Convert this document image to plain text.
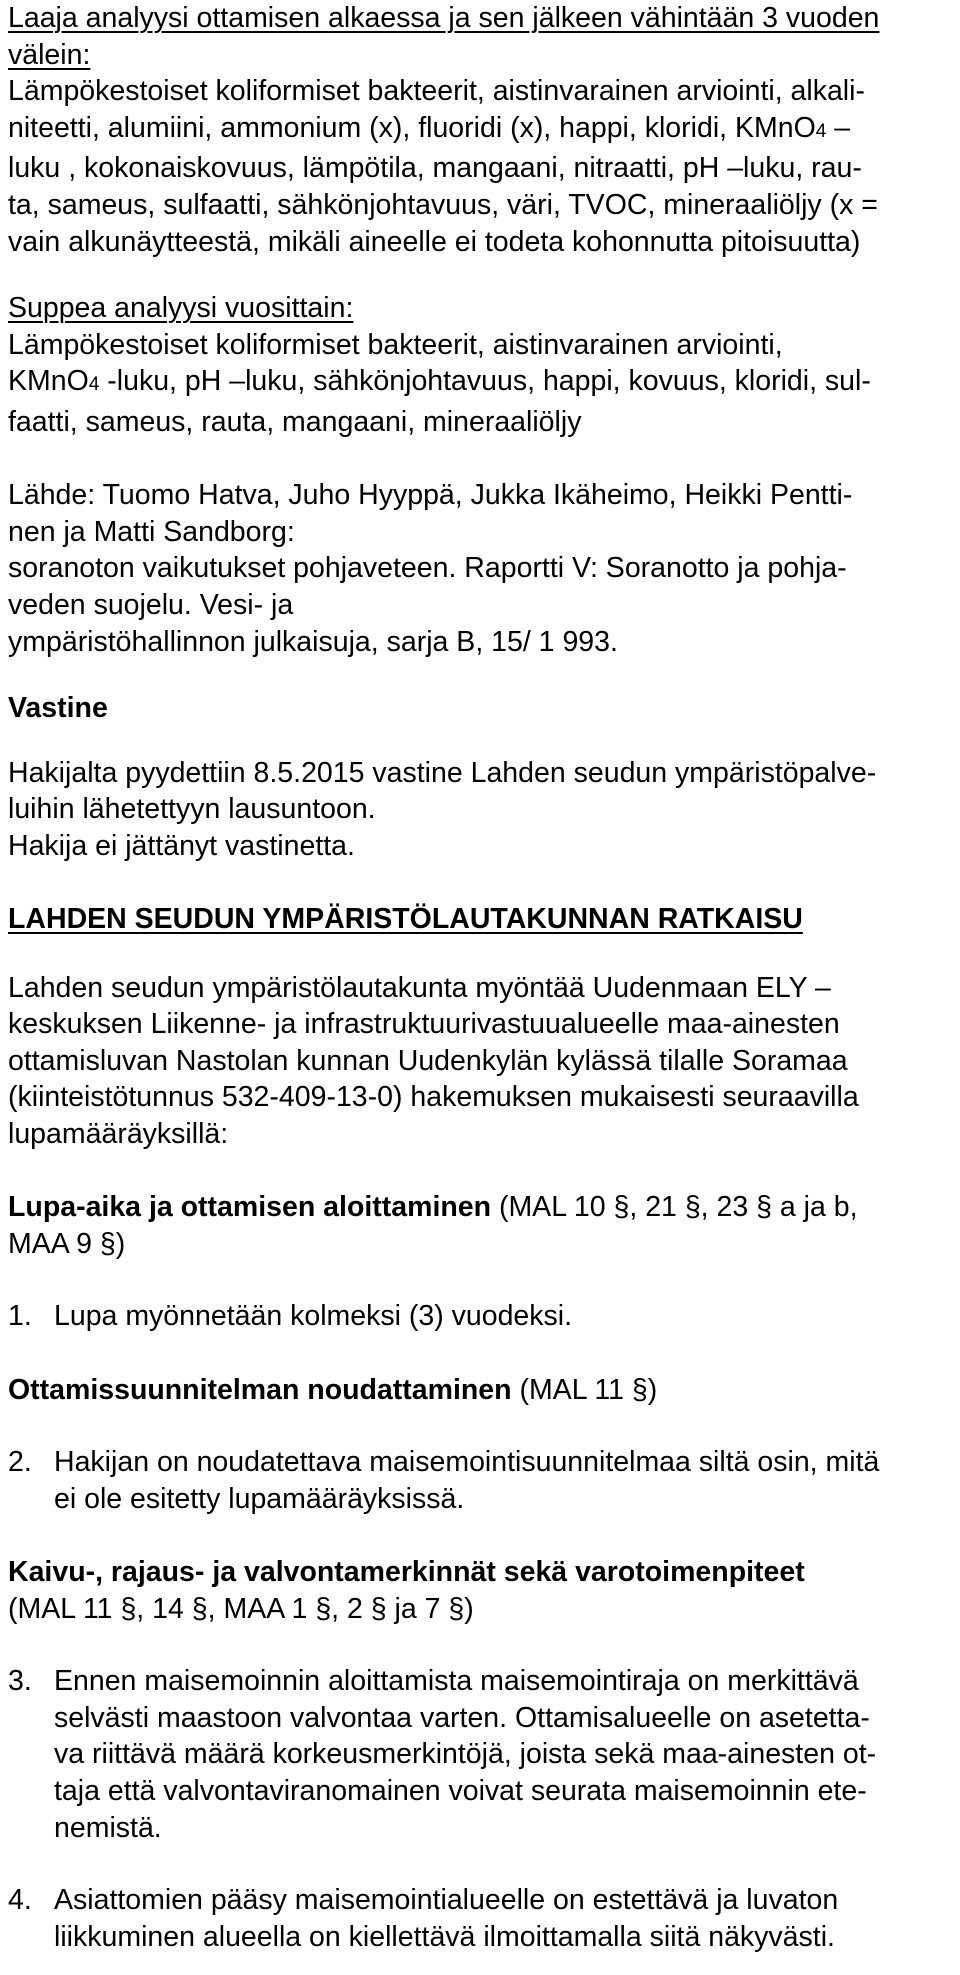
Laaja analyysi ottamisen alkaessa ja sen jälkeen vähintään 3 vuoden

välein:

Lämpökestoiset koliformiset bakteerit, aistinvarainen arviointi, alkali-

niteetti, alumiini, ammonium (x), fluoridi (x), happi, kloridi, KMnO4 –

luku , kokonaiskovuus, lämpötila, mangaani, nitraatti, pH –luku, rau-

ta, sameus, sulfaatti, sähkönjohtavuus, väri, TVOC, mineraaliöljy (x =

vain alkunäytteestä, mikäli aineelle ei todeta kohonnutta pitoisuutta)

Suppea analyysi vuosittain:

Lämpökestoiset koliformiset bakteerit, aistinvarainen arviointi,

KMnO4 -luku, pH –luku, sähkönjohtavuus, happi, kovuus, kloridi, sul-

faatti, sameus, rauta, mangaani, mineraaliöljy

Lähde: Tuomo Hatva, Juho Hyyppä, Jukka Ikäheimo, Heikki Pentti-

nen ja Matti Sandborg:

soranoton vaikutukset pohjaveteen. Raportti V: Soranotto ja pohja-

veden suojelu. Vesi- ja

ympäristöhallinnon julkaisuja, sarja B, 15/ 1 993.

Vastine

Hakijalta pyydettiin 8.5.2015 vastine Lahden seudun ympäristöpalve-

luihin lähetettyyn lausuntoon.

Hakija ei jättänyt vastinetta.

LAHDEN SEUDUN YMPÄRISTÖLAUTAKUNNAN RATKAISU

Lahden seudun ympäristölautakunta myöntää Uudenmaan ELY –

keskuksen Liikenne- ja infrastruktuurivastuualueelle maa-ainesten

ottamisluvan Nastolan kunnan Uudenkylän kylässä tilalle Soramaa

(kiinteistötunnus 532-409-13-0) hakemuksen mukaisesti seuraavilla

lupamääräyksillä:

Lupa-aika ja ottamisen aloittaminen (MAL 10 §, 21 §, 23 § a ja b,

MAA 9 §)

1. Lupa myönnetään kolmeksi (3) vuodeksi.

Ottamissuunnitelman noudattaminen (MAL 11 §)

2. Hakijan on noudatettava maisemointisuunnitelmaa siltä osin, mitä
ei ole esitetty lupamääräyksissä.

Kaivu-, rajaus- ja valvontamerkinnät sekä varotoimenpiteet

(MAL 11 §, 14 §, MAA 1 §, 2 § ja 7 §)

3. Ennen maisemoinnin aloittamista maisemointiraja on merkittävä
selvästi maastoon valvontaa varten. Ottamisalueelle on asetetta-
va riittävä määrä korkeusmerkintöjä, joista sekä maa-ainesten ot-
taja että valvontaviranomainen voivat seurata maisemoinnin ete-
nemistä.
4. Asiattomien pääsy maisemointialueelle on estettävä ja luvaton
liikkuminen alueella on kiellettävä ilmoittamalla siitä näkyvästi.
